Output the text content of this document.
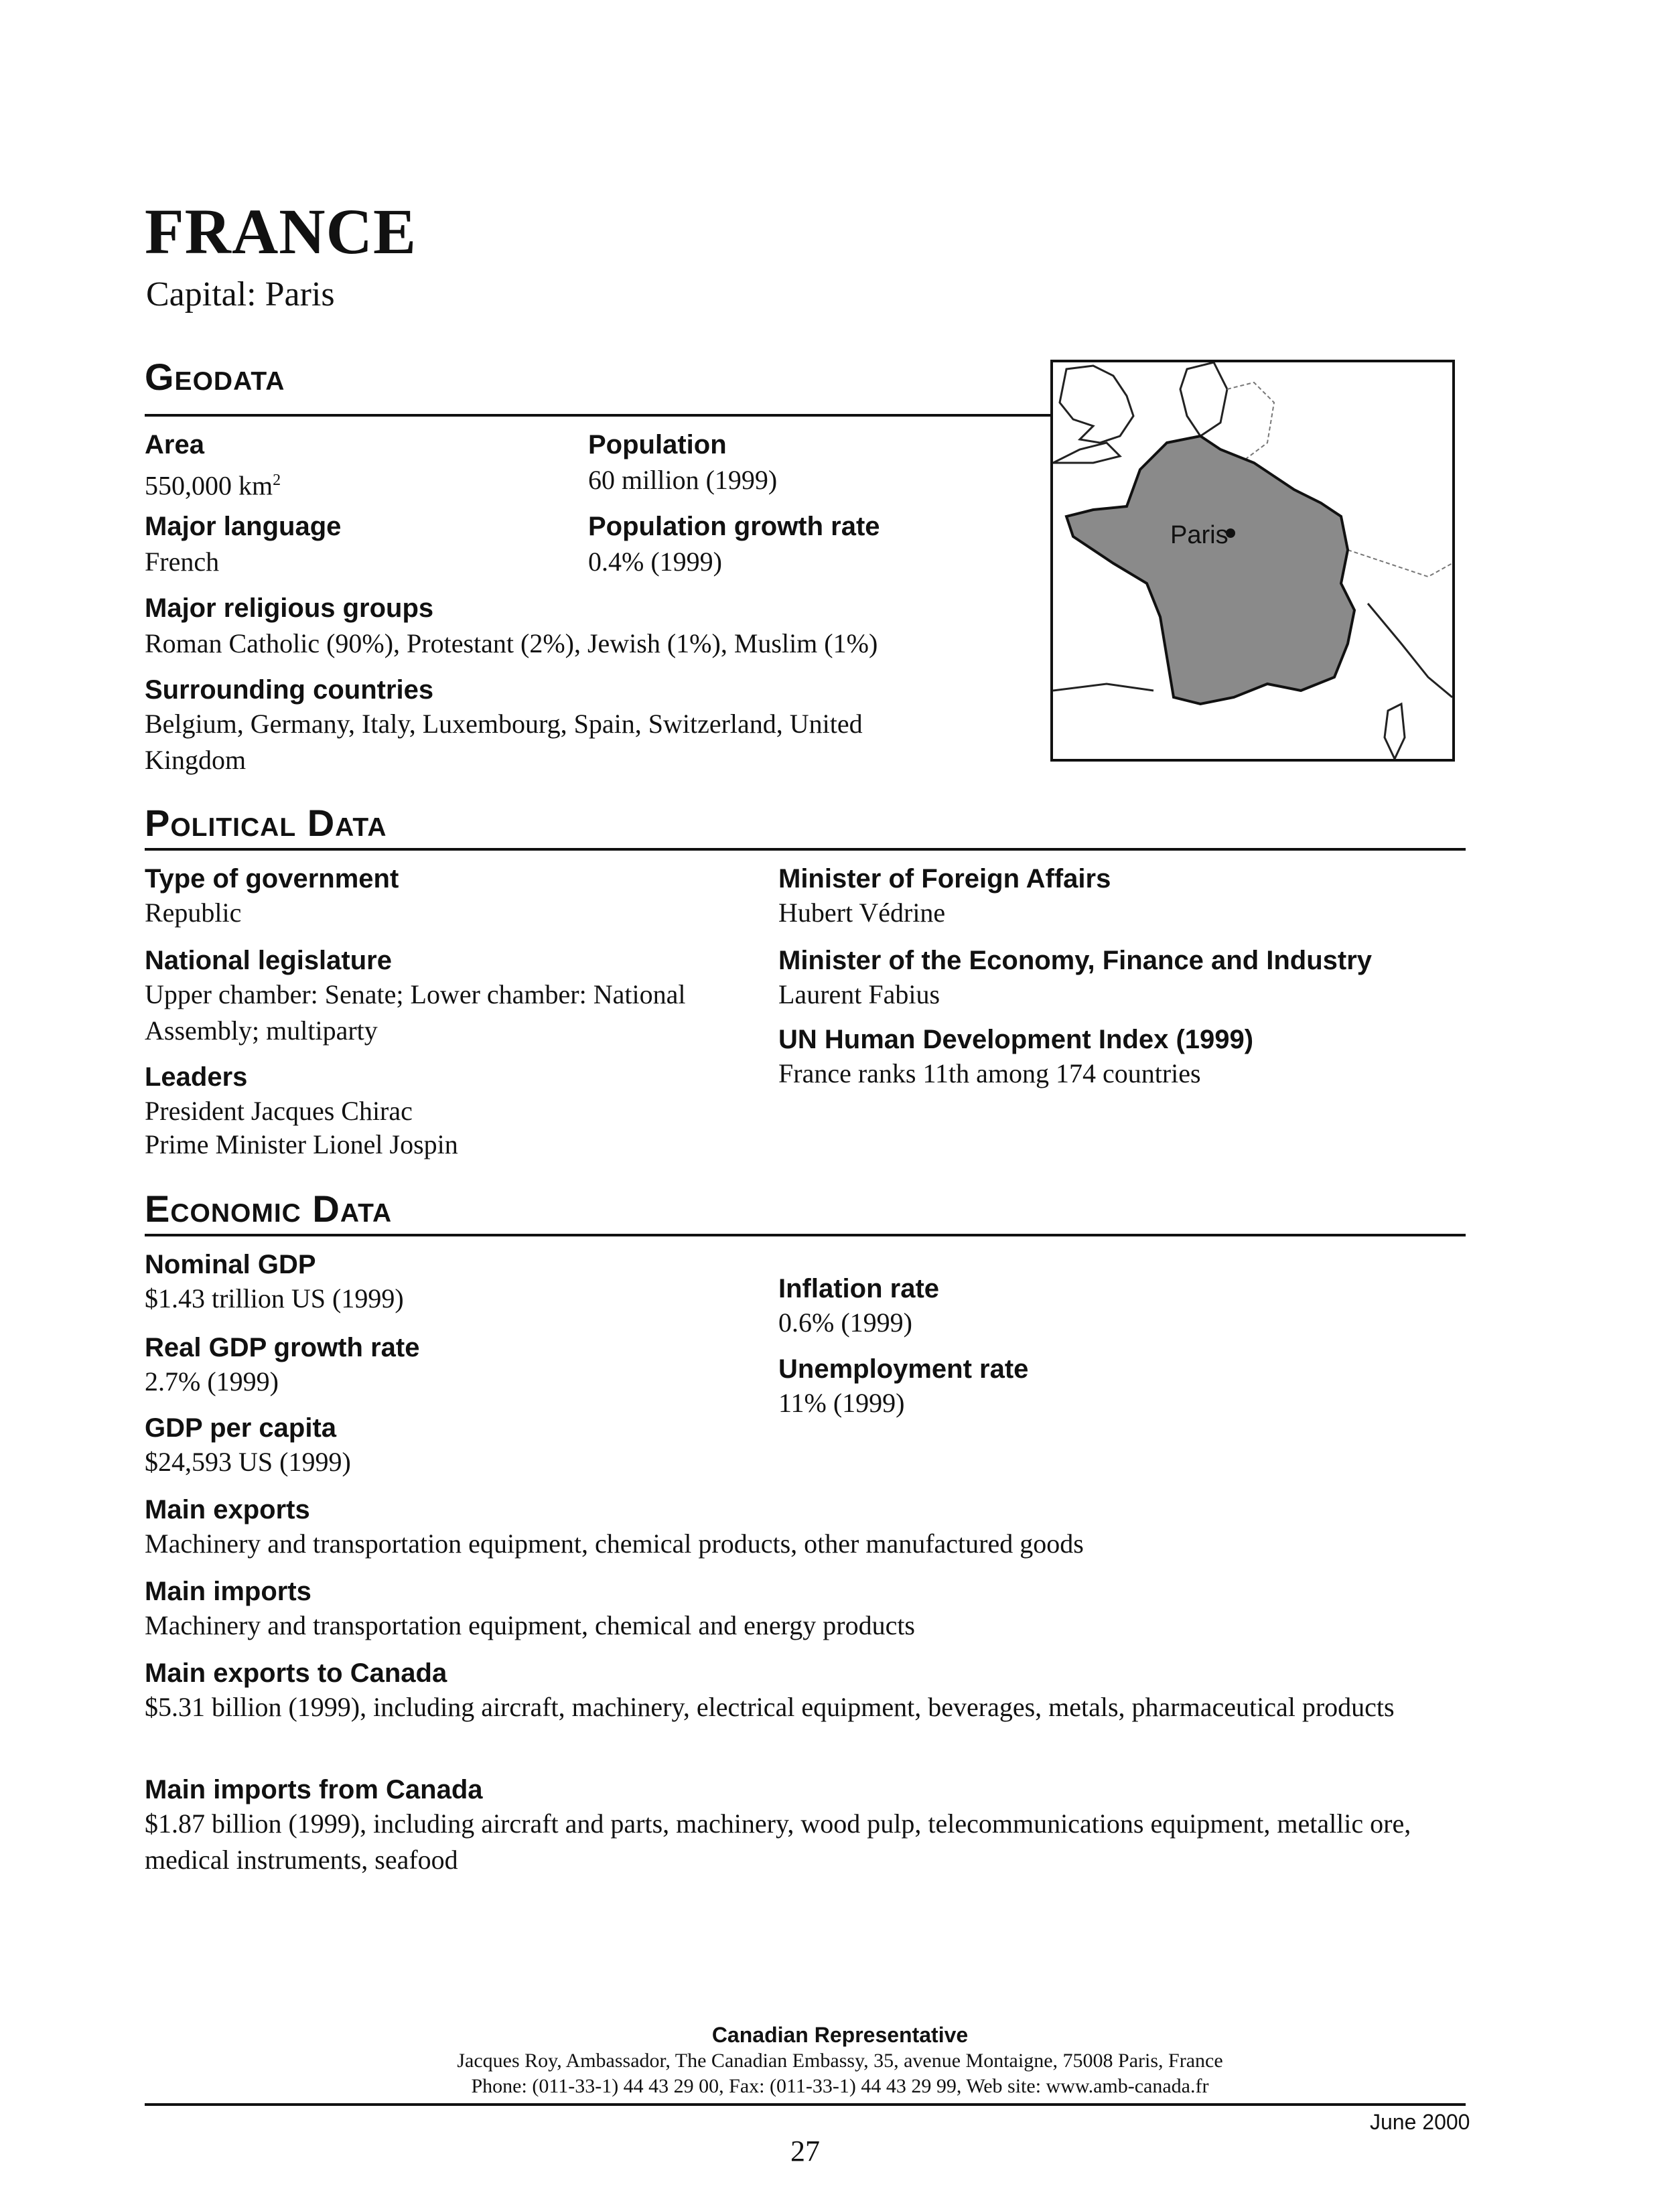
FRANCE
Capital: Paris
Geodata
Area
550,000 $km^2$
Population
60 million (1999)
Major language
French
Population growth rate
0.4% (1999)
Major religious groups
Roman Catholic (90%), Protestant (2%), Jewish (1%), Muslim (1%)
Surrounding countries
Belgium, Germany, Italy, Luxembourg, Spain, Switzerland, United Kingdom
Paris
Political Data
Type of government
Republic
National legislature
Upper chamber: Senate; Lower chamber: National Assembly; multiparty
Leaders
President Jacques Chirac
Prime Minister Lionel Jospin
Minister of Foreign Affairs
Hubert Védrine
Minister of the Economy, Finance and Industry
Laurent Fabius
UN Human Development Index (1999)
France ranks 11th among 174 countries
Economic Data
Nominal GDP
$1.43 trillion US (1999)
Real GDP growth rate
2.7% (1999)
GDP per capita
$24,593 US (1999)
Inflation rate
0.6% (1999)
Unemployment rate
11% (1999)
Main exports
Machinery and transportation equipment, chemical products, other manufactured goods
Main imports
Machinery and transportation equipment, chemical and energy products
Main exports to Canada
$5.31 billion (1999), including aircraft, machinery, electrical equipment, beverages, metals, pharmaceutical products
Main imports from Canada
$1.87 billion (1999), including aircraft and parts, machinery, wood pulp, telecommunications equipment, metallic ore, medical instruments, seafood
Canadian Representative
Jacques Roy, Ambassador, The Canadian Embassy, 35, avenue Montaigne, 75008 Paris, France
Phone: (011-33-1) 44 43 29 00, Fax: (011-33-1) 44 43 29 99, Web site: www.amb-canada.fr
June 2000
27
